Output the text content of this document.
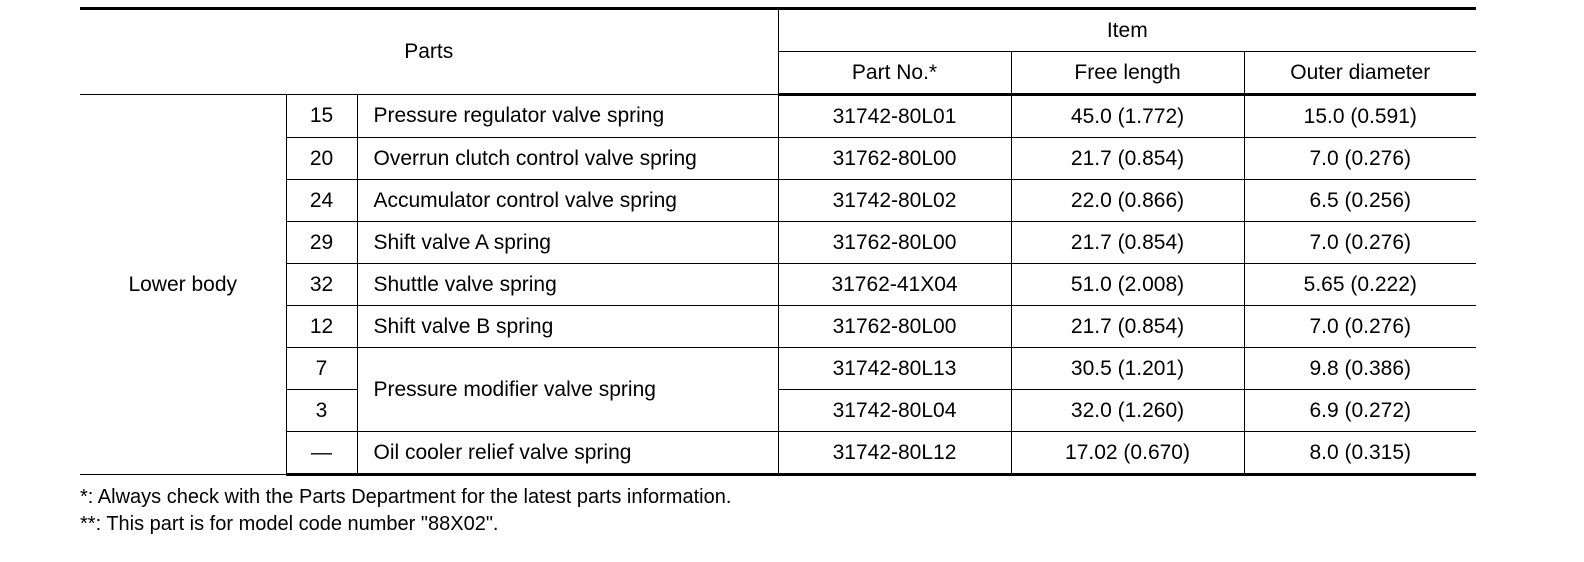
Parts			Item		
			Part No.*	Free length	Outer diameter
Lower body	15	Pressure regulator valve spring	31742-80L01	45.0 (1.772)	15.0 (0.591)
	20	Overrun clutch control valve spring	31762-80L00	21.7 (0.854)	7.0 (0.276)
	24	Accumulator control valve spring	31742-80L02	22.0 (0.866)	6.5 (0.256)
	29	Shift valve A spring	31762-80L00	21.7 (0.854)	7.0 (0.276)
	32	Shuttle valve spring	31762-41X04	51.0 (2.008)	5.65 (0.222)
	12	Shift valve B spring	31762-80L00	21.7 (0.854)	7.0 (0.276)
	7	Pressure modifier valve spring	31742-80L13	30.5 (1.201)	9.8 (0.386)
	3		31742-80L04	32.0 (1.260)	6.9 (0.272)
	—	Oil cooler relief valve spring	31742-80L12	17.02 (0.670)	8.0 (0.315)
*: Always check with the Parts Department for the latest parts information.
**: This part is for model code number "88X02".
